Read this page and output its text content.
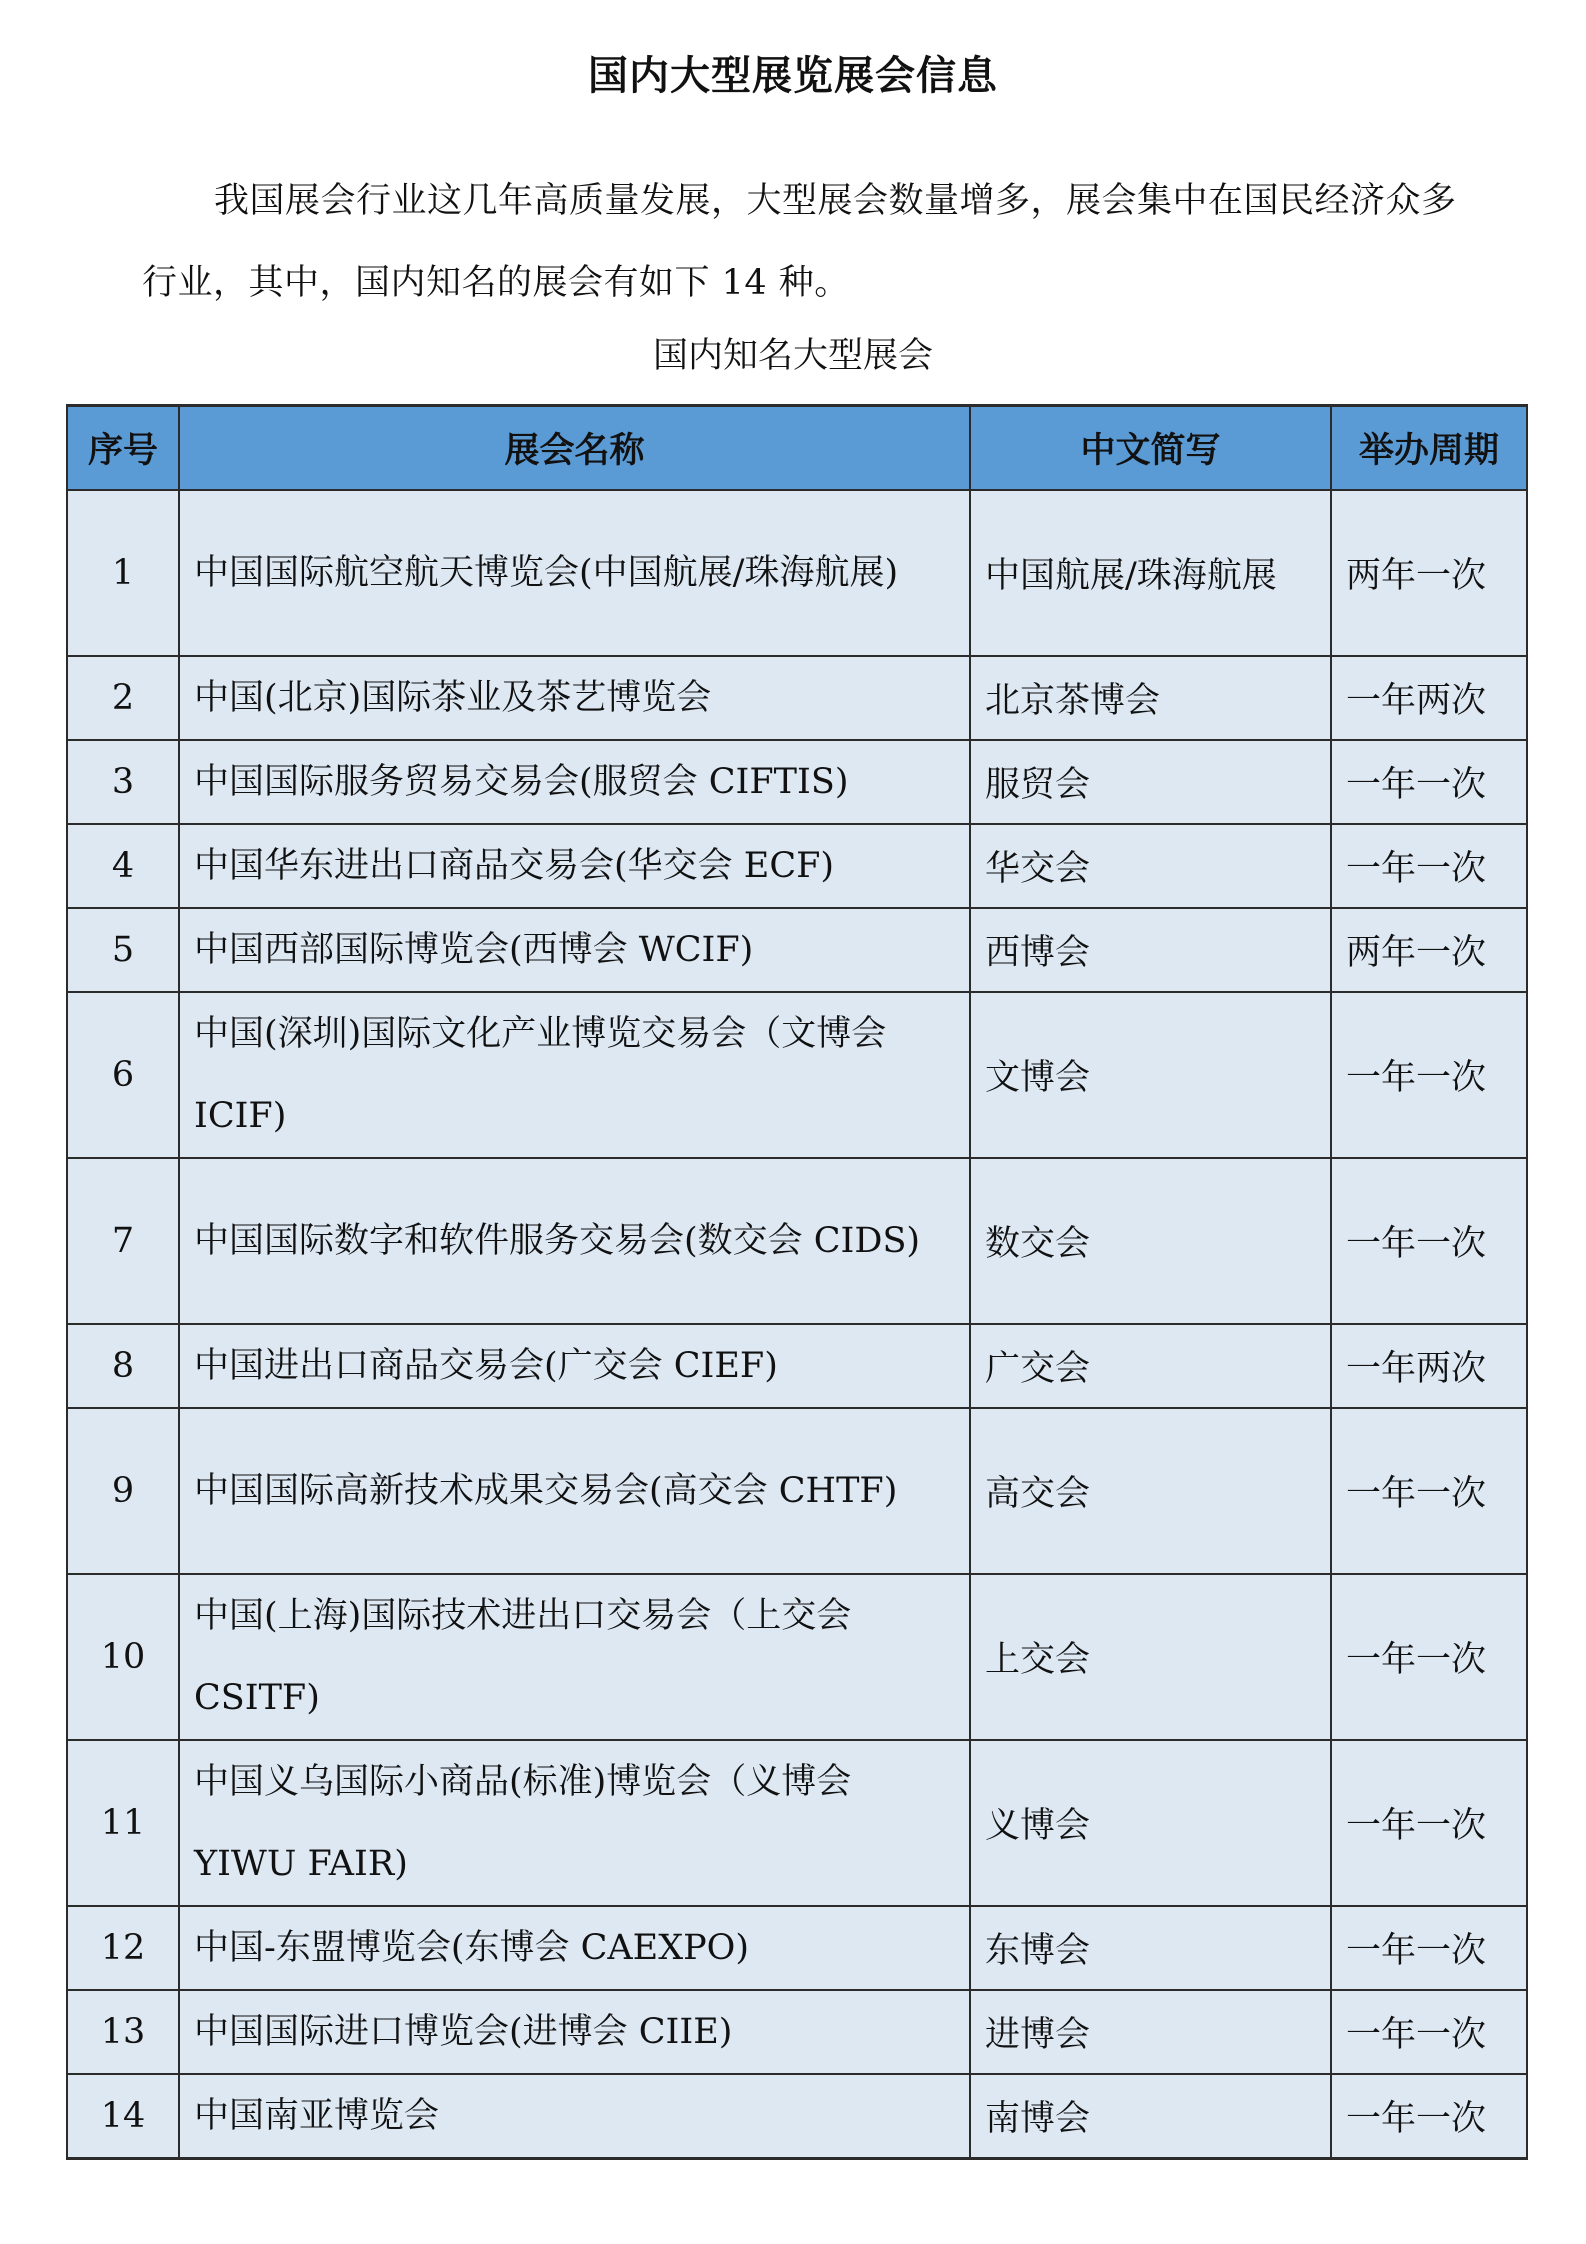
国内大型展览展会信息

我国展会行业这几年高质量发展，大型展会数量增多，展会集中在国民经济众多行业，其中，国内知名的展会有如下 14 种。

国内知名大型展会
序号	展会名称	中文简写	举办周期
1	中国国际航空航天博览会(中国航展/珠海航展)	中国航展/珠海航展	两年一次
2	中国(北京)国际茶业及茶艺博览会	北京茶博会	一年两次
3	中国国际服务贸易交易会(服贸会 CIFTIS)	服贸会	一年一次
4	中国华东进出口商品交易会(华交会 ECF)	华交会	一年一次
5	中国西部国际博览会(西博会 WCIF)	西博会	两年一次
6	中国(深圳)国际文化产业博览交易会（文博会 ICIF)	文博会	一年一次
7	中国国际数字和软件服务交易会(数交会 CIDS)	数交会	一年一次
8	中国进出口商品交易会(广交会 CIEF)	广交会	一年两次
9	中国国际高新技术成果交易会(高交会 CHTF)	高交会	一年一次
10	中国(上海)国际技术进出口交易会（上交会 CSITF)	上交会	一年一次
11	中国义乌国际小商品(标准)博览会（义博会 YIWU FAIR)	义博会	一年一次
12	中国-东盟博览会(东博会 CAEXPO)	东博会	一年一次
13	中国国际进口博览会(进博会 CIIE)	进博会	一年一次
14	中国南亚博览会	南博会	一年一次
